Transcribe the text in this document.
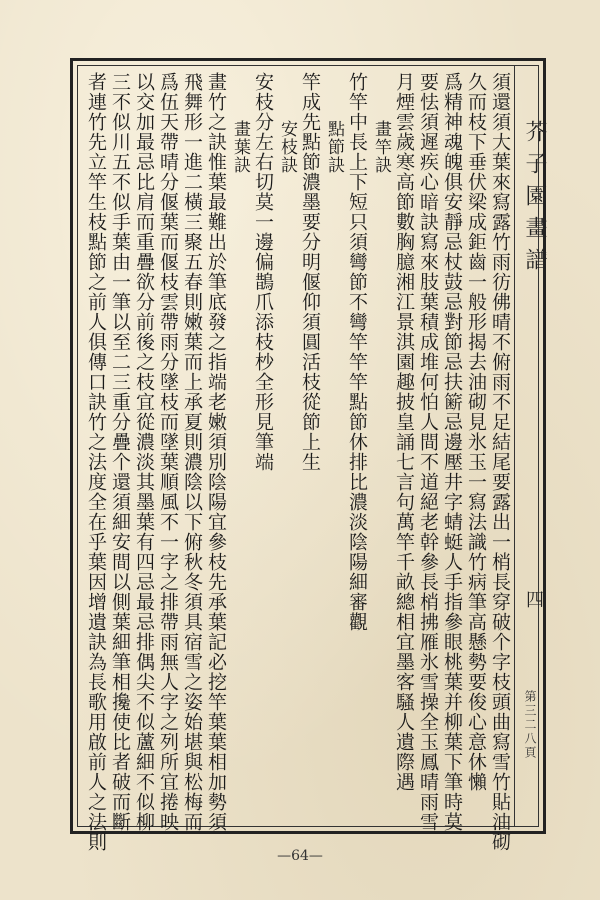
芥子園畫譜
四
第三二八頁
須還須大葉來寫露竹雨彷佛晴不俯雨不足結尾要露出一梢長穿破个字枝頭曲寫雪竹貼油砌
久而枝下垂伏梁成鉅齒一般形揭去油砌見氷玉一寫法識竹病筆高懸勢要俊心意休懶
爲精神魂魄俱安靜忌杖鼓忌對節忌扶簖忌邊壓井字蜻蜓人手指參眼桃葉并柳葉下筆時莫
要怯須遲疾心暗訣寫來肢葉積成堆何怕人間不道絕老幹參長梢拂雁氷雪操全玉鳳晴雨雪
月煙雲歲寒高節數胸臆湘江景淇園趣披皇誦七言句萬竿千畝總相宜墨客騷人遺際遇
畫竿訣
竹竿中長上下短只須彎節不彎竿竿竿點節休排比濃淡陰陽細審觀
點節訣
竿成先點節濃墨要分明偃仰須圓活枝從節上生
安枝訣
安枝分左右切莫一邊偏鵲爪添枝杪全形見筆端
畫葉訣
畫竹之訣惟葉最難出於筆底發之指端老嫩須別陰陽宜參枝先承葉記必挖竿葉葉相加勢須
飛舞形一進二橫三聚五春則嫩葉而上承夏則濃陰以下俯秋冬須具宿雪之姿始堪與松梅而
爲伍天帶晴分偃葉而偃枝雲帶雨分墜枝而墜葉順風不一字之排帶雨無人字之列所宜捲映
以交加最忌比肩而重疊欲分前後之枝宜從濃淡其墨葉有四忌最忌排偶尖不似蘆細不似柳
三不似川五不似手葉由一筆以至二三重分疊个還須細安間以側葉細筆相攙使比者破而斷
者連竹先立竿生枝點節之前人俱傳口訣竹之法度全在乎葉因增遺訣為長歌用啟前人之法則
—64—
